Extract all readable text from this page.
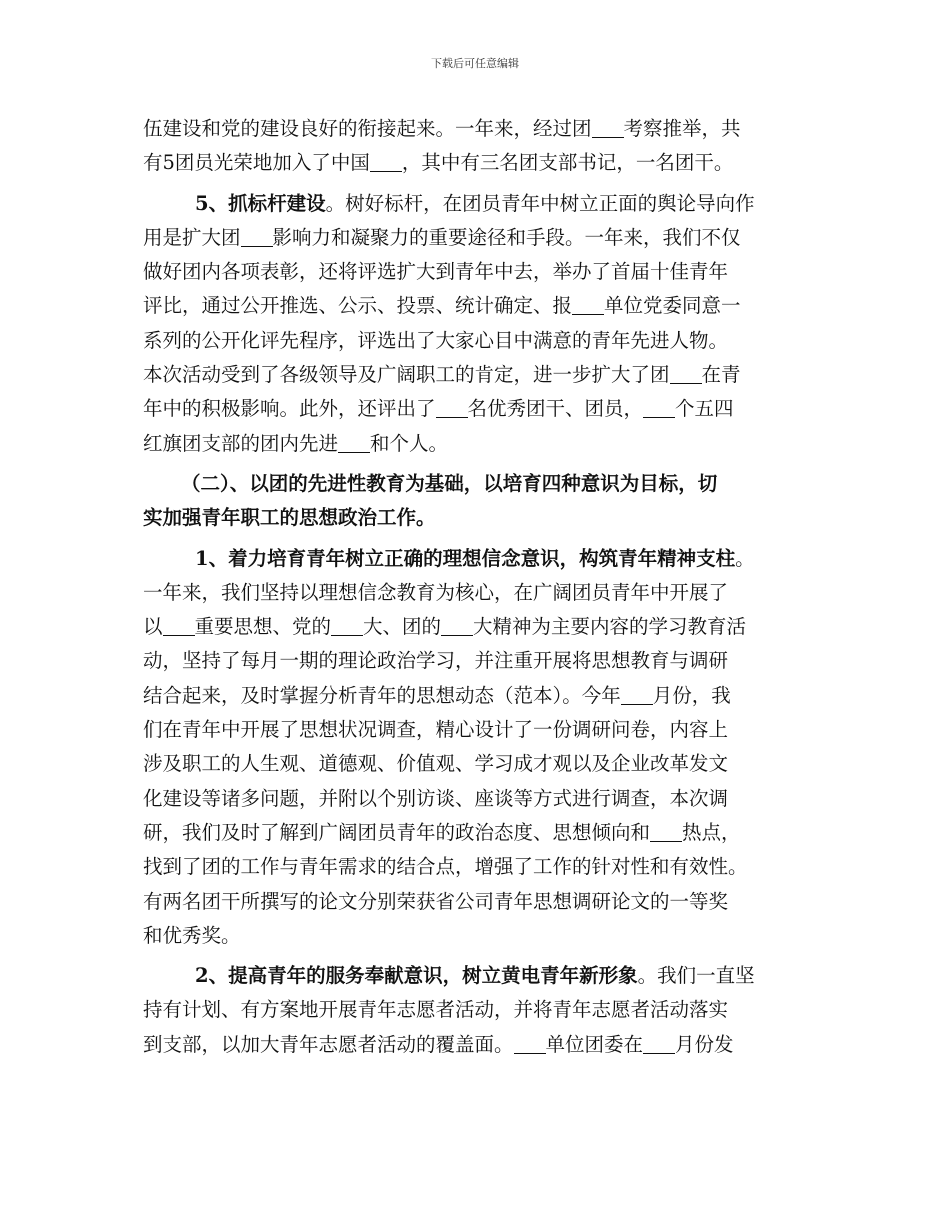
下载后可任意编辑
伍建设和党的建设良好的衔接起来。一年来，经过团 考察推举，共
有5团员光荣地加入了中国 ，其中有三名团支部书记，一名团干。
5、抓标杆建设。树好标杆，在团员青年中树立正面的舆论导向作
用是扩大团 影响力和凝聚力的重要途径和手段。一年来，我们不仅
做好团内各项表彰，还将评选扩大到青年中去，举办了首届十佳青年
评比，通过公开推选、公示、投票、统计确定、报 单位党委同意一
系列的公开化评先程序，评选出了大家心目中满意的青年先进人物。
本次活动受到了各级领导及广阔职工的肯定，进一步扩大了团 在青
年中的积极影响。此外，还评出了 名优秀团干、团员， 个五四
红旗团支部的团内先进 和个人。
（二）、以团的先进性教育为基础，以培育四种意识为目标，切
实加强青年职工的思想政治工作。
1、着力培育青年树立正确的理想信念意识，构筑青年精神支柱。
一年来，我们坚持以理想信念教育为核心，在广阔团员青年中开展了
以 重要思想、党的 大、团的 大精神为主要内容的学习教育活
动，坚持了每月一期的理论政治学习，并注重开展将思想教育与调研
结合起来，及时掌握分析青年的思想动态（范本）。今年 月份，我
们在青年中开展了思想状况调查，精心设计了一份调研问卷，内容上
涉及职工的人生观、道德观、价值观、学习成才观以及企业改革发文
化建设等诸多问题，并附以个别访谈、座谈等方式进行调查，本次调
研，我们及时了解到广阔团员青年的政治态度、思想倾向和 热点，
找到了团的工作与青年需求的结合点，增强了工作的针对性和有效性。
有两名团干所撰写的论文分别荣获省公司青年思想调研论文的一等奖
和优秀奖。
2、提高青年的服务奉献意识，树立黄电青年新形象。我们一直坚
持有计划、有方案地开展青年志愿者活动，并将青年志愿者活动落实
到支部，以加大青年志愿者活动的覆盖面。 单位团委在 月份发
